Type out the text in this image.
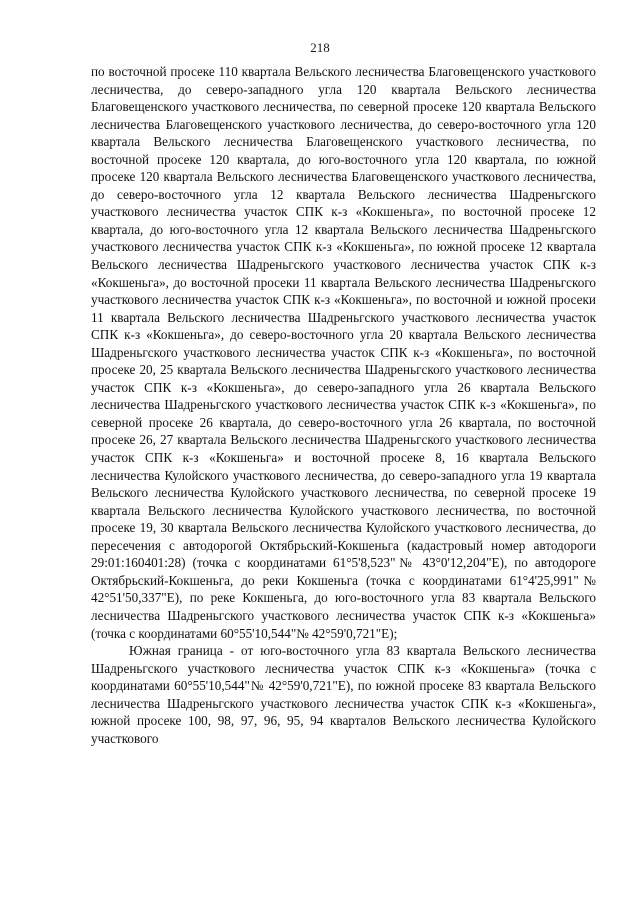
218

по восточной просеке 110 квартала Вельского лесничества Благовещенского участкового лесничества, до северо-западного угла 120 квартала Вельского лесничества Благовещенского участкового лесничества, по северной просеке 120 квартала Вельского лесничества Благовещенского участкового лесничества, до северо-восточного угла 120 квартала Вельского лесничества Благовещенского участкового лесничества, по восточной просеке 120 квартала, до юго-восточного угла 120 квартала, по южной просеке 120 квартала Вельского лесничества Благовещенского участкового лесничества, до северо-восточного угла 12 квартала Вельского лесничества Шадреньгского участкового лесничества участок СПК к-з «Кокшеньга», по восточной просеке 12 квартала, до юго-восточного угла 12 квартала Вельского лесничества Шадреньгского участкового лесничества участок СПК к-з «Кокшеньга», по южной просеке 12 квартала Вельского лесничества Шадреньгского участкового лесничества участок СПК к-з «Кокшеньга», до восточной просеки 11 квартала Вельского лесничества Шадреньгского участкового лесничества участок СПК к-з «Кокшеньга», по восточной и южной просеки 11 квартала Вельского лесничества Шадреньгского участкового лесничества участок СПК к-з «Кокшеньга», до северо-восточного угла 20 квартала Вельского лесничества Шадреньгского участкового лесничества участок СПК к-з «Кокшеньга», по восточной просеке 20, 25 квартала Вельского лесничества Шадреньгского участкового лесничества участок СПК к-з «Кокшеньга», до северо-западного угла 26 квартала Вельского лесничества Шадреньгского участкового лесничества участок СПК к-з «Кокшеньга», по северной просеке 26 квартала, до северо-восточного угла 26 квартала, по восточной просеке 26, 27 квартала Вельского лесничества Шадреньгского участкового лесничества участок СПК к-з «Кокшеньга» и восточной просеке 8, 16 квартала Вельского лесничества Кулойского участкового лесничества, до северо-западного угла 19 квартала Вельского лесничества Кулойского участкового лесничества, по северной просеке 19 квартала Вельского лесничества Кулойского участкового лесничества, по восточной просеке 19, 30 квартала Вельского лесничества Кулойского участкового лесничества, до пересечения с автодорогой Октябрьский-Кокшеньга (кадастровый номер автодороги 29:01:160401:28) (точка с координатами 61°5'8,523"№ 43°0'12,204"E), по автодороге Октябрьский-Кокшеньга, до реки Кокшеньга (точка с координатами 61°4'25,991"№ 42°51'50,337"E), по реке Кокшеньга, до юго-восточного угла 83 квартала Вельского лесничества Шадреньгского участкового лесничества участок СПК к-з «Кокшеньга» (точка с координатами 60°55'10,544"№ 42°59'0,721"E);

Южная граница - от юго-восточного угла 83 квартала Вельского лесничества Шадреньгского участкового лесничества участок СПК к-з «Кокшеньга» (точка с координатами 60°55'10,544"№ 42°59'0,721"E), по южной просеке 83 квартала Вельского лесничества Шадреньгского участкового лесничества участок СПК к-з «Кокшеньга», южной просеке 100, 98, 97, 96, 95, 94 кварталов Вельского лесничества Кулойского участкового
